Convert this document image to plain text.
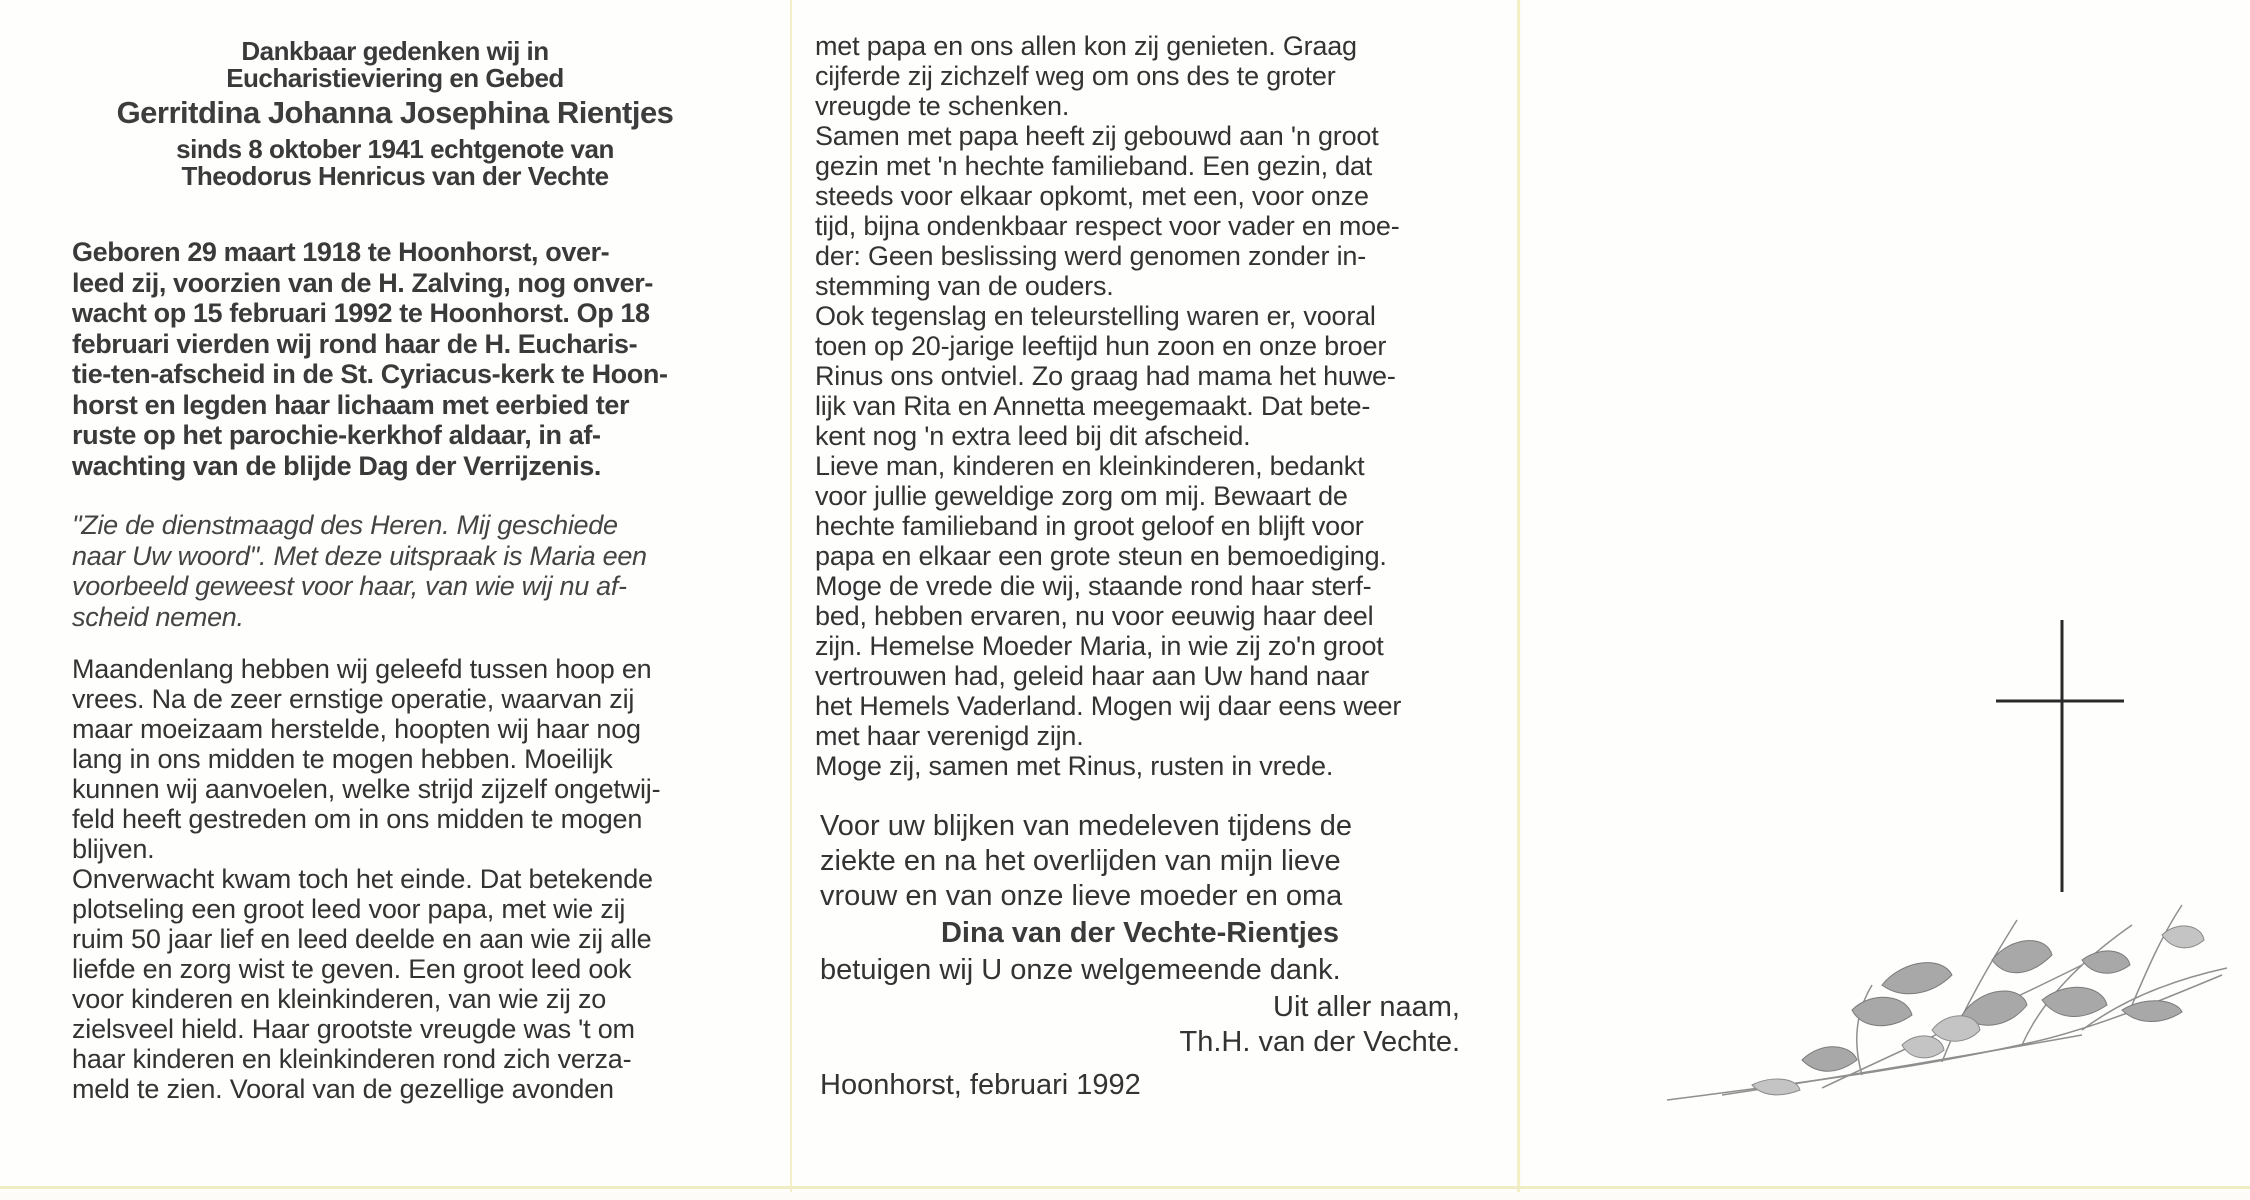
Dankbaar gedenken wij in
Eucharistieviering en Gebed
Gerritdina Johanna Josephina Rientjes
sinds 8 oktober 1941 echtgenote van
Theodorus Henricus van der Vechte
Geboren 29 maart 1918 te Hoonhorst, over-
leed zij, voorzien van de H. Zalving, nog onver-
wacht op 15 februari 1992 te Hoonhorst. Op 18
februari vierden wij rond haar de H. Eucharis-
tie-ten-afscheid in de St. Cyriacus-kerk te Hoon-
horst en legden haar lichaam met eerbied ter
ruste op het parochie-kerkhof aldaar, in af-
wachting van de blijde Dag der Verrijzenis.
"Zie de dienstmaagd des Heren. Mij geschiede
naar Uw woord". Met deze uitspraak is Maria een
voorbeeld geweest voor haar, van wie wij nu af-
scheid nemen.
Maandenlang hebben wij geleefd tussen hoop en
vrees. Na de zeer ernstige operatie, waarvan zij
maar moeizaam herstelde, hoopten wij haar nog
lang in ons midden te mogen hebben. Moeilijk
kunnen wij aanvoelen, welke strijd zijzelf ongetwij-
feld heeft gestreden om in ons midden te mogen
blijven.
Onverwacht kwam toch het einde. Dat betekende
plotseling een groot leed voor papa, met wie zij
ruim 50 jaar lief en leed deelde en aan wie zij alle
liefde en zorg wist te geven. Een groot leed ook
voor kinderen en kleinkinderen, van wie zij zo
zielsveel hield. Haar grootste vreugde was 't om
haar kinderen en kleinkinderen rond zich verza-
meld te zien. Vooral van de gezellige avonden
met papa en ons allen kon zij genieten. Graag
cijferde zij zichzelf weg om ons des te groter
vreugde te schenken.
Samen met papa heeft zij gebouwd aan 'n groot
gezin met 'n hechte familieband. Een gezin, dat
steeds voor elkaar opkomt, met een, voor onze
tijd, bijna ondenkbaar respect voor vader en moe-
der: Geen beslissing werd genomen zonder in-
stemming van de ouders.
Ook tegenslag en teleurstelling waren er, vooral
toen op 20-jarige leeftijd hun zoon en onze broer
Rinus ons ontviel. Zo graag had mama het huwe-
lijk van Rita en Annetta meegemaakt. Dat bete-
kent nog 'n extra leed bij dit afscheid.
Lieve man, kinderen en kleinkinderen, bedankt
voor jullie geweldige zorg om mij. Bewaart de
hechte familieband in groot geloof en blijft voor
papa en elkaar een grote steun en bemoediging.
Moge de vrede die wij, staande rond haar sterf-
bed, hebben ervaren, nu voor eeuwig haar deel
zijn. Hemelse Moeder Maria, in wie zij zo'n groot
vertrouwen had, geleid haar aan Uw hand naar
het Hemels Vaderland. Mogen wij daar eens weer
met haar verenigd zijn.
Moge zij, samen met Rinus, rusten in vrede.
Voor uw blijken van medeleven tijdens de
ziekte en na het overlijden van mijn lieve
vrouw en van onze lieve moeder en oma
Dina van der Vechte-Rientjes
betuigen wij U onze welgemeende dank.
Uit aller naam,
Th.H. van der Vechte.
Hoonhorst, februari 1992
